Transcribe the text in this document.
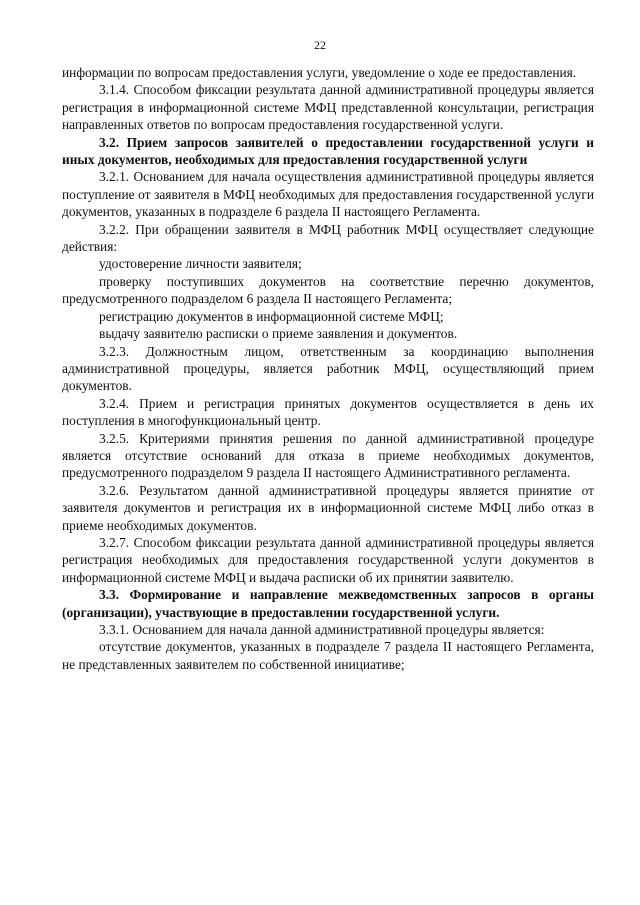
22

информации по вопросам предоставления услуги, уведомление о ходе ее предоставления.

3.1.4. Способом фиксации результата данной административной процедуры является регистрация в информационной системе МФЦ представленной консультации, регистрация направленных ответов по вопросам предоставления государственной услуги.

3.2. Прием запросов заявителей о предоставлении государственной услуги и иных документов, необходимых для предоставления государственной услуги

3.2.1. Основанием для начала осуществления административной процедуры является поступление от заявителя в МФЦ необходимых для предоставления государственной услуги документов, указанных в подразделе 6 раздела II настоящего Регламента.

3.2.2. При обращении заявителя в МФЦ работник МФЦ осуществляет следующие действия:

удостоверение личности заявителя;

проверку поступивших документов на соответствие перечню документов, предусмотренного подразделом 6 раздела II настоящего Регламента;

регистрацию документов в информационной системе МФЦ;

выдачу заявителю расписки о приеме заявления и документов.

3.2.3. Должностным лицом, ответственным за координацию выполнения административной процедуры, является работник МФЦ, осуществляющий прием документов.

3.2.4. Прием и регистрация принятых документов осуществляется в день их поступления в многофункциональный центр.

3.2.5. Критериями принятия решения по данной административной процедуре является отсутствие оснований для отказа в приеме необходимых документов, предусмотренного подразделом 9 раздела II настоящего Административного регламента.

3.2.6. Результатом данной административной процедуры является принятие от заявителя документов и регистрация их в информационной системе МФЦ либо отказ в приеме необходимых документов.

3.2.7. Способом фиксации результата данной административной процедуры является регистрация необходимых для предоставления государственной услуги документов в информационной системе МФЦ и выдача расписки об их принятии заявителю.

3.3. Формирование и направление межведомственных запросов в органы (организации), участвующие в предоставлении государственной услуги.

3.3.1. Основанием для начала данной административной процедуры является:

отсутствие документов, указанных в подразделе 7 раздела II настоящего Регламента, не представленных заявителем по собственной инициативе;
